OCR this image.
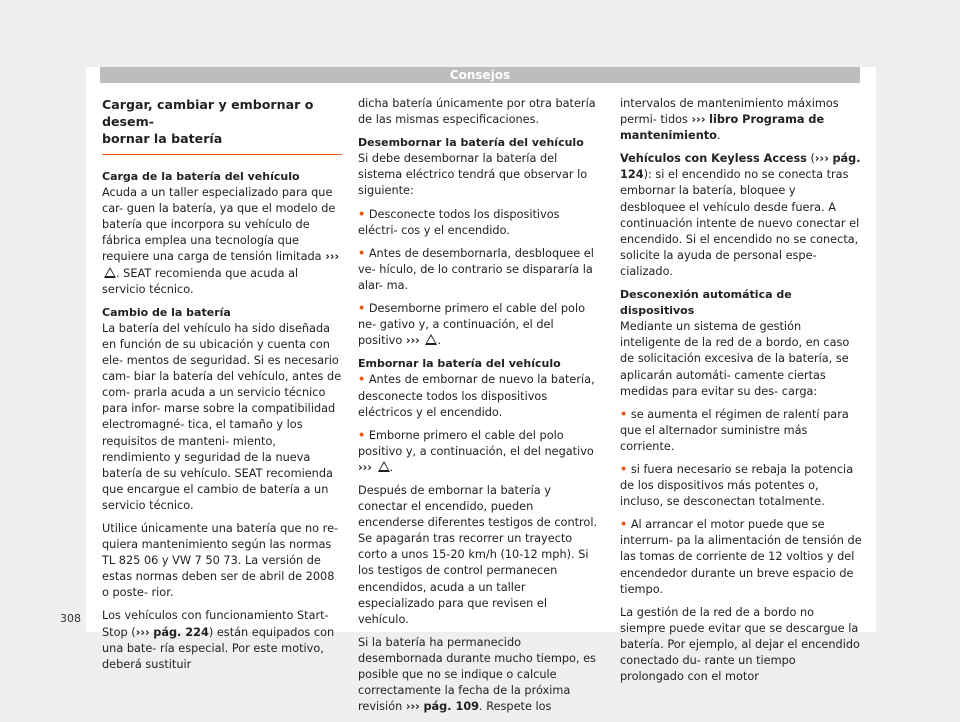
Consejos
Cargar, cambiar y embornar o desem-
bornar la batería

Carga de la batería del vehículo

Acuda a un taller especializado para que car- guen la batería, ya que el modelo de batería que incorpora su vehículo de fábrica emplea una tecnología que requiere una carga de tensión limitada ››› . SEAT recomienda que acuda al servicio técnico.

Cambio de la batería

La batería del vehículo ha sido diseñada en función de su ubicación y cuenta con ele- mentos de seguridad. Si es necesario cam- biar la batería del vehículo, antes de com- prarla acuda a un servicio técnico para infor- marse sobre la compatibilidad electromagné- tica, el tamaño y los requisitos de manteni- miento, rendimiento y seguridad de la nueva batería de su vehículo. SEAT recomienda que encargue el cambio de batería a un servicio técnico.

Utilice únicamente una batería que no re- quiera mantenimiento según las normas TL 825 06 y VW 7 50 73. La versión de estas normas deben ser de abril de 2008 o poste- rior.

Los vehículos con funcionamiento Start-Stop (››› pág. 224) están equipados con una bate- ría especial. Por este motivo, deberá sustituir

dicha batería únicamente por otra batería de las mismas especificaciones.

Desembornar la batería del vehículo

Si debe desembornar la batería del sistema eléctrico tendrá que observar lo siguiente:

• Desconecte todos los dispositivos eléctri- cos y el encendido.

• Antes de desembornarla, desbloquee el ve- hículo, de lo contrario se dispararía la alar- ma.

• Desemborne primero el cable del polo ne- gativo y, a continuación, el del positivo ››› .

Embornar la batería del vehículo

• Antes de embornar de nuevo la batería, desconecte todos los dispositivos eléctricos y el encendido.

• Emborne primero el cable del polo positivo y, a continuación, el del negativo ››› .

Después de embornar la batería y conectar el encendido, pueden encenderse diferentes testigos de control. Se apagarán tras recorrer un trayecto corto a unos 15-20 km/h (10-12 mph). Si los testigos de control permanecen encendidos, acuda a un taller especializado para que revisen el vehículo.

Si la batería ha permanecido desembornada durante mucho tiempo, es posible que no se indique o calcule correctamente la fecha de la próxima revisión ››› pág. 109. Respete los

intervalos de mantenimiento máximos permi- tidos ››› libro Programa de mantenimiento.

Vehículos con Keyless Access (››› pág. 124): si el encendido no se conecta tras embornar la batería, bloquee y desbloquee el vehículo desde fuera. A continuación intente de nuevo conectar el encendido. Si el encendido no se conecta, solicite la ayuda de personal espe- cializado.

Desconexión automática de dispositivos

Mediante un sistema de gestión inteligente de la red de a bordo, en caso de solicitación excesiva de la batería, se aplicarán automáti- camente ciertas medidas para evitar su des- carga:

• se aumenta el régimen de ralentí para que el alternador suministre más corriente.

• si fuera necesario se rebaja la potencia de los dispositivos más potentes o, incluso, se desconectan totalmente.

• Al arrancar el motor puede que se interrum- pa la alimentación de tensión de las tomas de corriente de 12 voltios y del encendedor durante un breve espacio de tiempo.

La gestión de la red de a bordo no siempre puede evitar que se descargue la batería. Por ejemplo, al dejar el encendido conectado du- rante un tiempo prolongado con el motor

308
